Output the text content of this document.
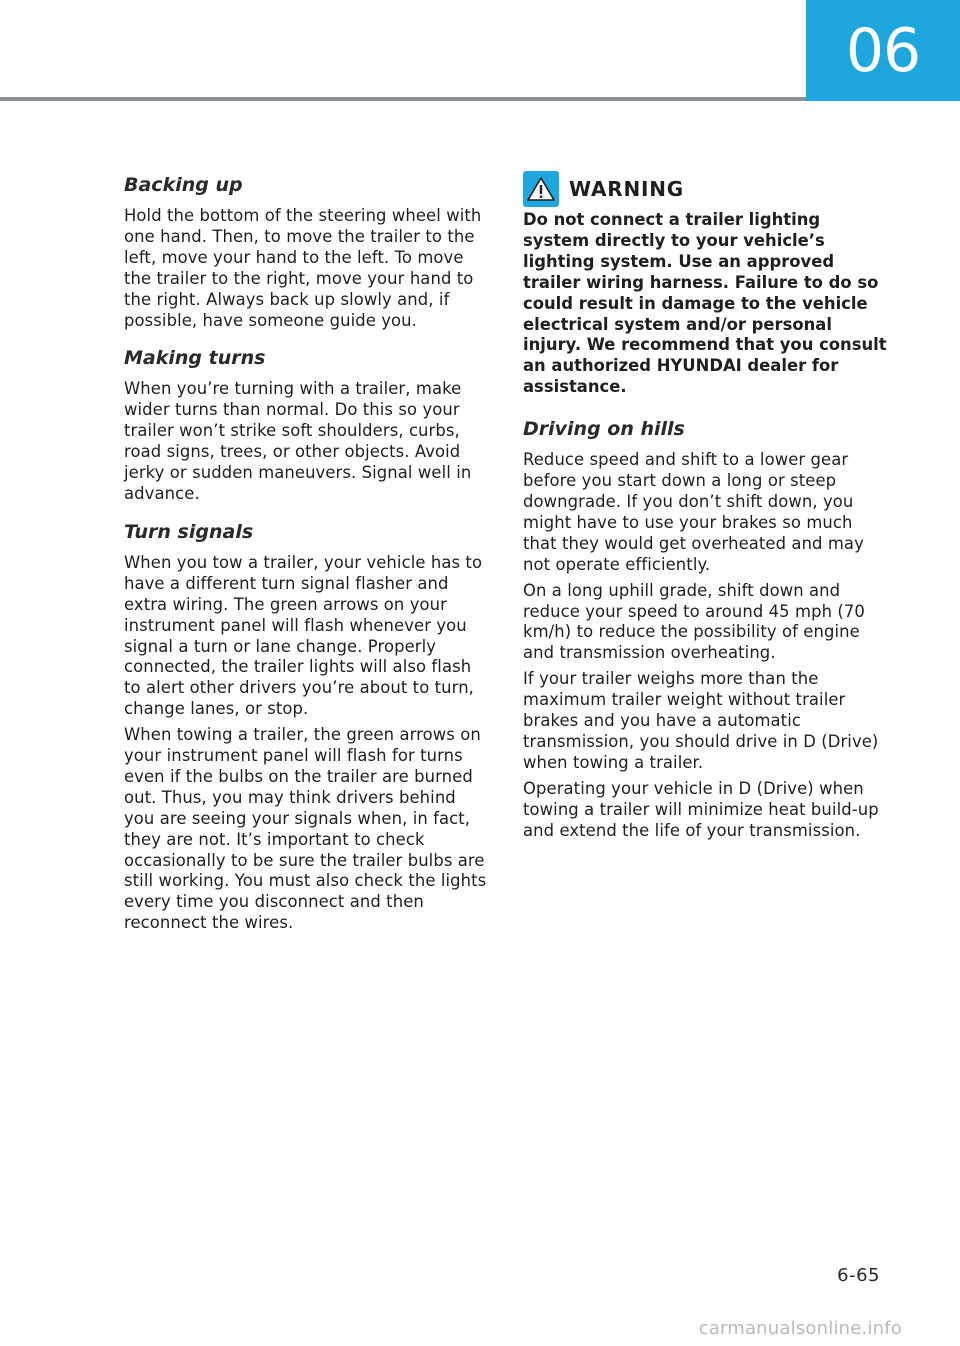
06
Backing up

Hold the bottom of the steering wheel with one hand. Then, to move the trailer to the left, move your hand to the left. To move the trailer to the right, move your hand to the right. Always back up slowly and, if possible, have someone guide you.

Making turns

When you’re turning with a trailer, make wider turns than normal. Do this so your trailer won’t strike soft shoulders, curbs, road signs, trees, or other objects. Avoid jerky or sudden maneuvers. Signal well in advance.

Turn signals

When you tow a trailer, your vehicle has to have a different turn signal flasher and extra wiring. The green arrows on your instrument panel will flash whenever you signal a turn or lane change. Properly connected, the trailer lights will also flash to alert other drivers you’re about to turn, change lanes, or stop.

When towing a trailer, the green arrows on your instrument panel will flash for turns even if the bulbs on the trailer are burned out. Thus, you may think drivers behind you are seeing your signals when, in fact, they are not. It’s important to check occasionally to be sure the trailer bulbs are still working. You must also check the lights every time you disconnect and then reconnect the wires.

WARNING

Do not connect a trailer lighting system directly to your vehicle’s lighting system. Use an approved trailer wiring harness. Failure to do so could result in damage to the vehicle electrical system and/or personal injury. We recommend that you consult an authorized HYUNDAI dealer for assistance.

Driving on hills

Reduce speed and shift to a lower gear before you start down a long or steep downgrade. If you don’t shift down, you might have to use your brakes so much that they would get overheated and may not operate efficiently.

On a long uphill grade, shift down and reduce your speed to around 45 mph (70 km/h) to reduce the possibility of engine and transmission overheating.

If your trailer weighs more than the maximum trailer weight without trailer brakes and you have a automatic transmission, you should drive in D (Drive) when towing a trailer.

Operating your vehicle in D (Drive) when towing a trailer will minimize heat build-up and extend the life of your transmission.

6-65
carmanualsonline.info
